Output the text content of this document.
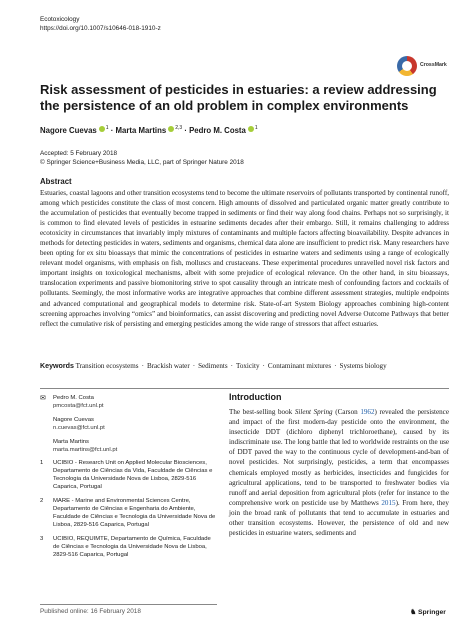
Ecotoxicology
https://doi.org/10.1007/s10646-018-1910-z
CrossMark
Risk assessment of pesticides in estuaries: a review addressing the persistence of an old problem in complex environments
Nagore Cuevas $^1$ · Marta Martins $^{2,3}$ · Pedro M. Costa $^1$
Accepted: 5 February 2018
© Springer Science+Business Media, LLC, part of Springer Nature 2018
Abstract

Estuaries, coastal lagoons and other transition ecosystems tend to become the ultimate reservoirs of pollutants transported by continental runoff, among which pesticides constitute the class of most concern. High amounts of dissolved and particulated organic matter greatly contribute to the accumulation of pesticides that eventually become trapped in sediments or find their way along food chains. Perhaps not so surprisingly, it is common to find elevated levels of pesticides in estuarine sediments decades after their embargo. Still, it remains challenging to address ecotoxicity in circumstances that invariably imply mixtures of contaminants and multiple factors affecting bioavailability. Despite advances in methods for detecting pesticides in waters, sediments and organisms, chemical data alone are insufficient to predict risk. Many researchers have been opting for ex situ bioassays that mimic the concentrations of pesticides in estuarine waters and sediments using a range of ecologically relevant model organisms, with emphasis on fish, molluscs and crustaceans. These experimental procedures unravelled novel risk factors and important insights on toxicological mechanisms, albeit with some prejudice of ecological relevance. On the other hand, in situ bioassays, translocation experiments and passive biomonitoring strive to spot causality through an intricate mesh of confounding factors and cocktails of pollutants. Seemingly, the most informative works are integrative approaches that combine different assessment strategies, multiple endpoints and advanced computational and geographical models to determine risk. State-of-art System Biology approaches combining high-content screening approaches involving “omics” and bioinformatics, can assist discovering and predicting novel Adverse Outcome Pathways that better reflect the cumulative risk of persisting and emerging pesticides among the wide range of stressors that affect estuaries.

Keywords Transition ecosystems · Brackish water · Sediments · Toxicity · Contaminant mixtures · Systems biology
✉ Pedro M. Costa
pmcosta@fct.unl.pt
Nagore Cuevas
n.cuevas@fct.unl.pt
Marta Martins
marta.martins@fct.unl.pt
1	UCIBIO - Research Unit on Applied Molecular Biosciences, Departamento de Ciências da Vida, Faculdade de Ciências e Tecnologia da Universidade Nova de Lisboa, 2829-516 Caparica, Portugal
2	MARE - Marine and Environmental Sciences Centre, Departamento de Ciências e Engenharia do Ambiente, Faculdade de Ciências e Tecnologia da Universidade Nova de Lisboa, 2829-516 Caparica, Portugal
3	UCIBIO, REQUIMTE, Departamento de Química, Faculdade de Ciências e Tecnologia da Universidade Nova de Lisboa, 2829-516 Caparica, Portugal
Introduction

The best-selling book Silent Spring (Carson 1962) revealed the persistence and impact of the first modern-day pesticide onto the environment, the insecticide DDT (dichloro diphenyl trichloroethane), caused by its indiscriminate use. The long battle that led to worldwide restraints on the use of DDT paved the way to the continuous cycle of development-and-ban of novel pesticides. Not surprisingly, pesticides, a term that encompasses chemicals employed mostly as herbicides, insecticides and fungicides for agricultural applications, tend to be transported to freshwater bodies via runoff and aerial deposition from agricultural plots (refer for instance to the comprehensive work on pesticide use by Matthews 2015). From here, they join the broad rank of pollutants that tend to accumulate in estuaries and other transition ecosystems. However, the persistence of old and new pesticides in estuarine waters, sediments and

Published online: 16 February 2018	♞ Springer
